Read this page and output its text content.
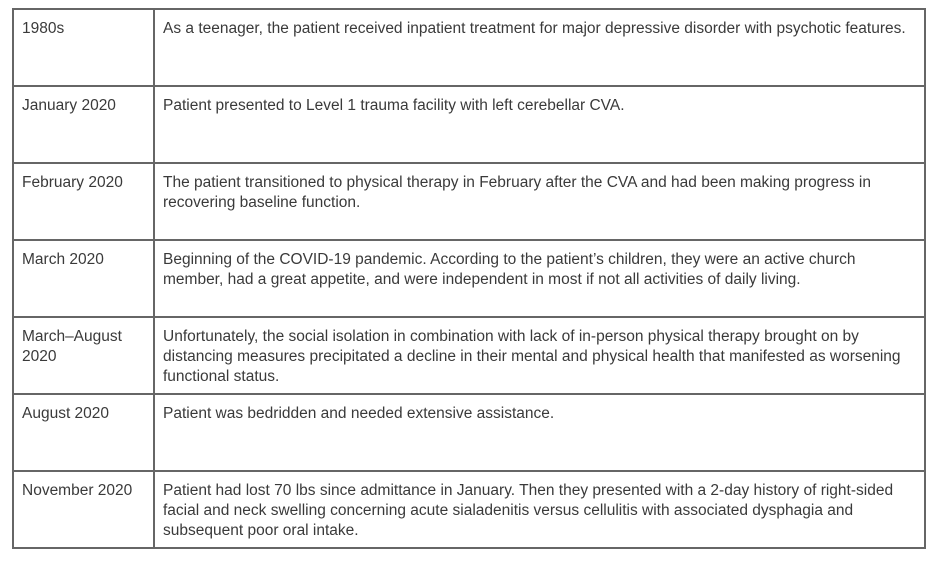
1980s	As a teenager, the patient received inpatient treatment for major depressive disorder with psychotic features.
January 2020	Patient presented to Level 1 trauma facility with left cerebellar CVA.
February 2020	The patient transitioned to physical therapy in February after the CVA and had been making progress in recovering baseline function.
March 2020	Beginning of the COVID-19 pandemic. According to the patient’s children, they were an active church member, had a great appetite, and were independent in most if not all activities of daily living.
March–August 2020	Unfortunately, the social isolation in combination with lack of in-person physical therapy brought on by distancing measures precipitated a decline in their mental and physical health that manifested as worsening functional status.
August 2020	Patient was bedridden and needed extensive assistance.
November 2020	Patient had lost 70 lbs since admittance in January. Then they presented with a 2-day history of right-sided facial and neck swelling concerning acute sialadenitis versus cellulitis with associated dysphagia and subsequent poor oral intake.
